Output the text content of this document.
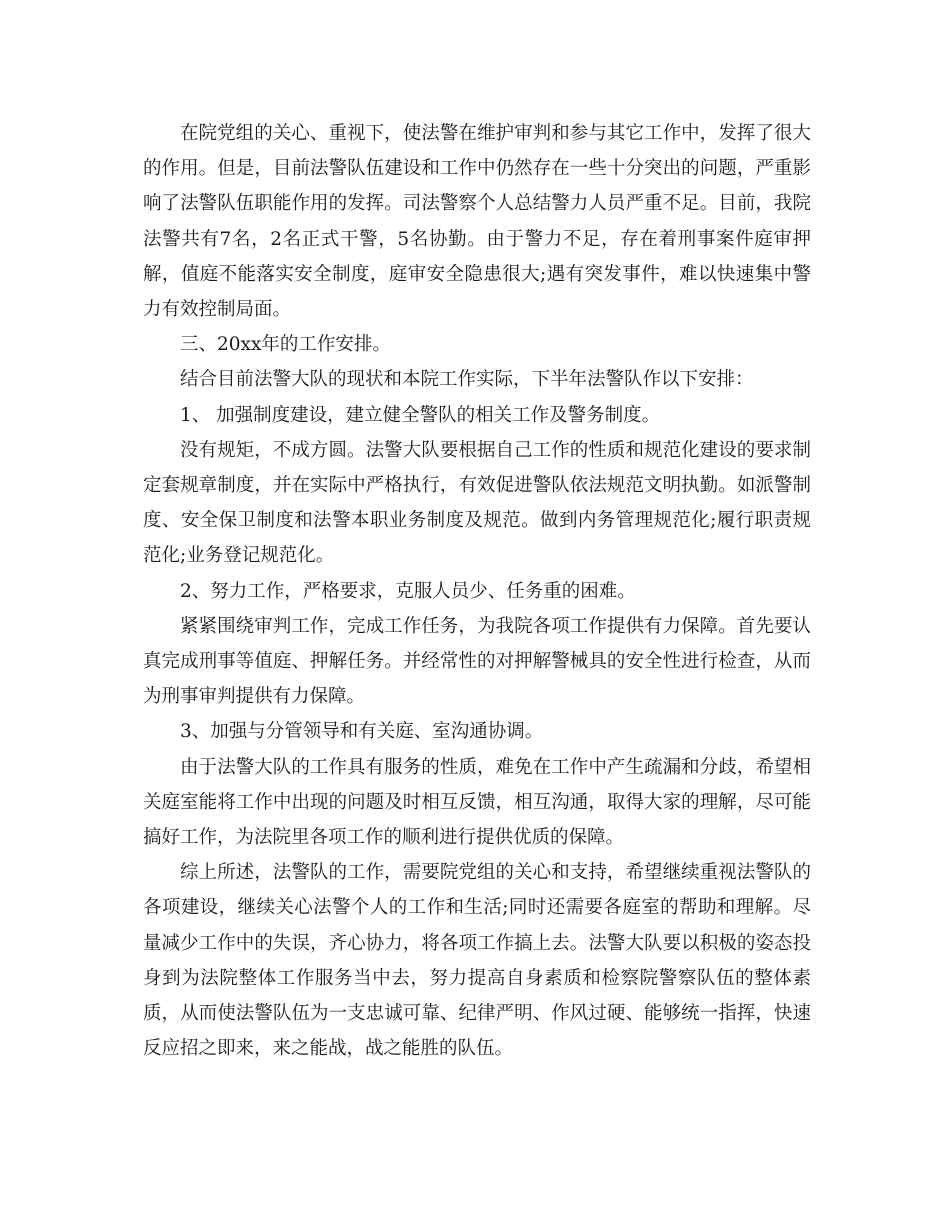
在院党组的关心、重视下，使法警在维护审判和参与其它工作中，发挥了很大的作用。但是，目前法警队伍建设和工作中仍然存在一些十分突出的问题，严重影响了法警队伍职能作用的发挥。司法警察个人总结警力人员严重不足。目前，我院法警共有7名，2名正式干警，5名协勤。由于警力不足，存在着刑事案件庭审押解，值庭不能落实安全制度，庭审安全隐患很大;遇有突发事件，难以快速集中警力有效控制局面。

三、20xx年的工作安排。

结合目前法警大队的现状和本院工作实际，下半年法警队作以下安排：

1、 加强制度建设，建立健全警队的相关工作及警务制度。

没有规矩，不成方圆。法警大队要根据自己工作的性质和规范化建设的要求制定套规章制度，并在实际中严格执行，有效促进警队依法规范文明执勤。如派警制度、安全保卫制度和法警本职业务制度及规范。做到内务管理规范化;履行职责规范化;业务登记规范化。

2、努力工作，严格要求，克服人员少、任务重的困难。

紧紧围绕审判工作，完成工作任务，为我院各项工作提供有力保障。首先要认真完成刑事等值庭、押解任务。并经常性的对押解警械具的安全性进行检查，从而为刑事审判提供有力保障。

3、加强与分管领导和有关庭、室沟通协调。

由于法警大队的工作具有服务的性质，难免在工作中产生疏漏和分歧，希望相关庭室能将工作中出现的问题及时相互反馈，相互沟通，取得大家的理解，尽可能搞好工作，为法院里各项工作的顺利进行提供优质的保障。

综上所述，法警队的工作，需要院党组的关心和支持，希望继续重视法警队的各项建设，继续关心法警个人的工作和生活;同时还需要各庭室的帮助和理解。尽量减少工作中的失误，齐心协力，将各项工作搞上去。法警大队要以积极的姿态投身到为法院整体工作服务当中去，努力提高自身素质和检察院警察队伍的整体素质，从而使法警队伍为一支忠诚可靠、纪律严明、作风过硬、能够统一指挥，快速反应招之即来，来之能战，战之能胜的队伍。
